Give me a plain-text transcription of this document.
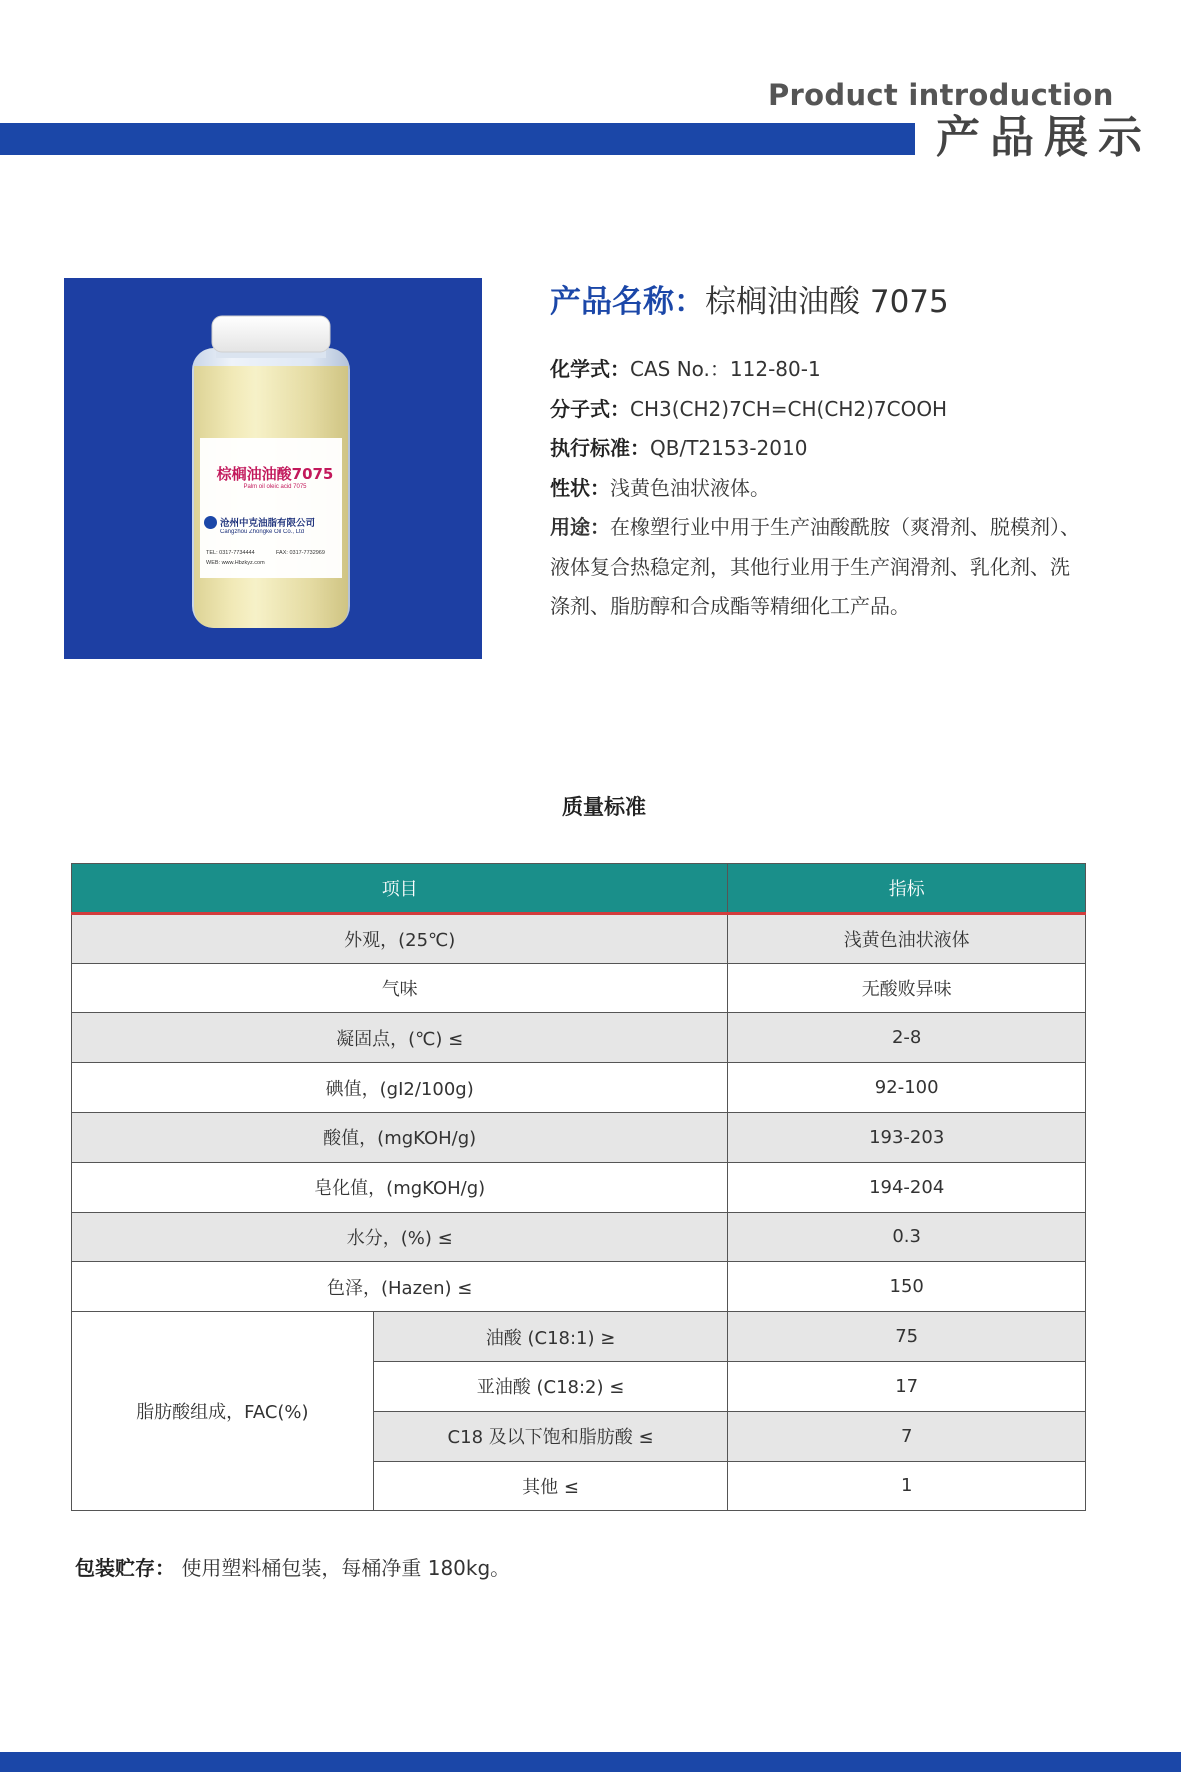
Product introduction
产品展示
棕榈油油酸7075
Palm oil oleic acid 7075
沧州中克油脂有限公司
Cangzhou Zhongke Oil Co., Ltd
TEL: 0317-7734444	FAX: 0317-7732969
WEB: www.Hbzkyz.com
产品名称：棕榈油油酸 7075
化学式：CAS No.：112-80-1
分子式：CH3(CH2)7CH=CH(CH2)7COOH
执行标准：QB/T2153-2010
性状：浅黄色油状液体。
用途：在橡塑行业中用于生产油酸酰胺（爽滑剂、脱模剂）、
液体复合热稳定剂，其他行业用于生产润滑剂、乳化剂、洗
涤剂、脂肪醇和合成酯等精细化工产品。
质量标准
项目		指标
外观，(25℃)		浅黄色油状液体
气味		无酸败异味
凝固点，(℃) ≤		2-8
碘值，(gI2/100g)		92-100
酸值，(mgKOH/g)		193-203
皂化值，(mgKOH/g)		194-204
水分，(%) ≤		0.3
色泽，(Hazen) ≤		150
脂肪酸组成，FAC(%)	油酸 (C18:1) ≥	75
	亚油酸 (C18:2) ≤	17
	C18 及以下饱和脂肪酸 ≤	7
	其他 ≤	1
包装贮存： 使用塑料桶包装，每桶净重 180kg。
